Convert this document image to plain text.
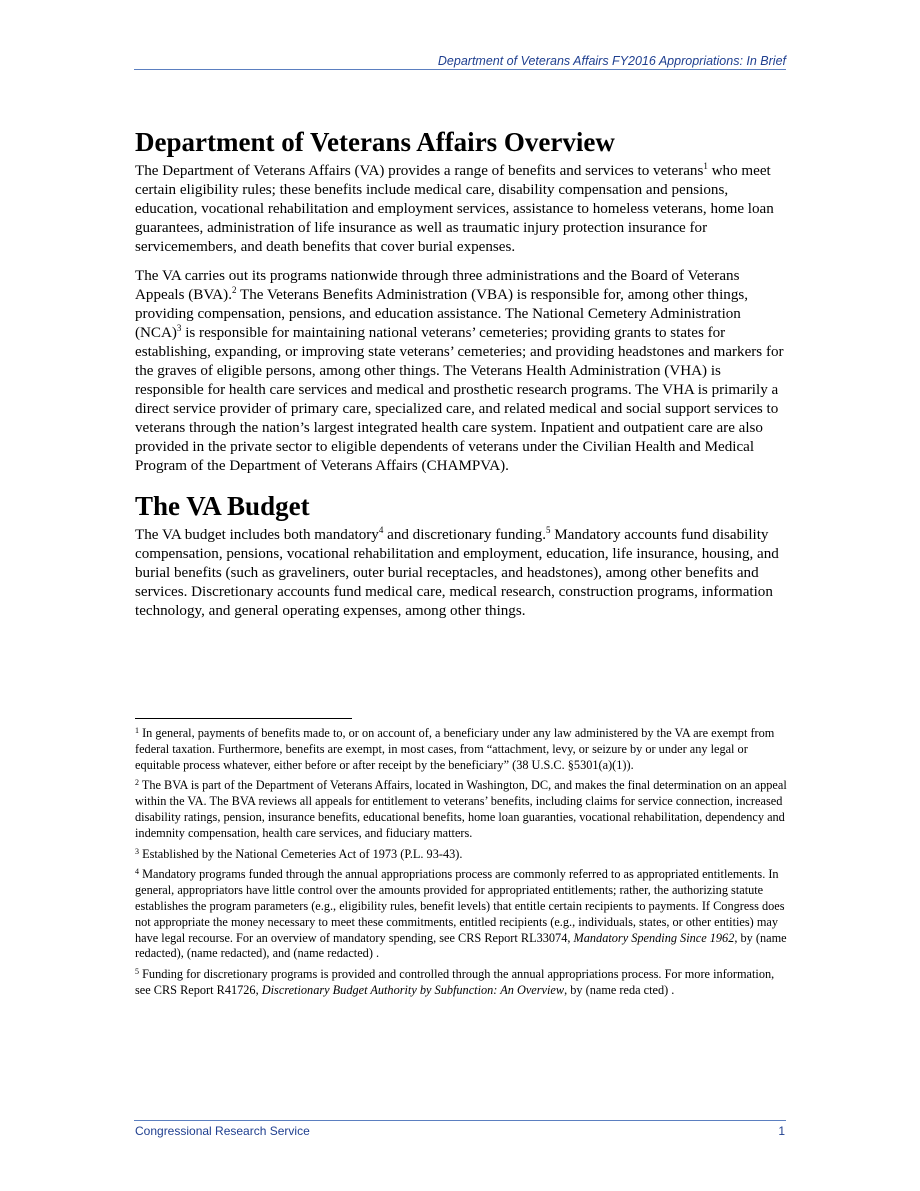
Department of Veterans Affairs FY2016 Appropriations: In Brief
Department of Veterans Affairs Overview

The Department of Veterans Affairs (VA) provides a range of benefits and services to veterans$^1$ who meet certain eligibility rules; these benefits include medical care, disability compensation and pensions, education, vocational rehabilitation and employment services, assistance to homeless veterans, home loan guarantees, administration of life insurance as well as traumatic injury protection insurance for servicemembers, and death benefits that cover burial expenses.

The VA carries out its programs nationwide through three administrations and the Board of Veterans Appeals (BVA).$^2$ The Veterans Benefits Administration (VBA) is responsible for, among other things, providing compensation, pensions, and education assistance. The National Cemetery Administration (NCA)$^3$ is responsible for maintaining national veterans’ cemeteries; providing grants to states for establishing, expanding, or improving state veterans’ cemeteries; and providing headstones and markers for the graves of eligible persons, among other things. The Veterans Health Administration (VHA) is responsible for health care services and medical and prosthetic research programs. The VHA is primarily a direct service provider of primary care, specialized care, and related medical and social support services to veterans through the nation’s largest integrated health care system. Inpatient and outpatient care are also provided in the private sector to eligible dependents of veterans under the Civilian Health and Medical Program of the Department of Veterans Affairs (CHAMPVA).

The VA Budget

The VA budget includes both mandatory$^4$ and discretionary funding.$^5$ Mandatory accounts fund disability compensation, pensions, vocational rehabilitation and employment, education, life insurance, housing, and burial benefits (such as graveliners, outer burial receptacles, and headstones), among other benefits and services. Discretionary accounts fund medical care, medical research, construction programs, information technology, and general operating expenses, among other things.

$^1$ In general, payments of benefits made to, or on account of, a beneficiary under any law administered by the VA are exempt from federal taxation. Furthermore, benefits are exempt, in most cases, from “attachment, levy, or seizure by or under any legal or equitable process whatever, either before or after receipt by the beneficiary” (38 U.S.C. §5301(a)(1)).

$^2$ The BVA is part of the Department of Veterans Affairs, located in Washington, DC, and makes the final determination on an appeal within the VA. The BVA reviews all appeals for entitlement to veterans’ benefits, including claims for service connection, increased disability ratings, pension, insurance benefits, educational benefits, home loan guaranties, vocational rehabilitation, dependency and indemnity compensation, health care services, and fiduciary matters.

$^3$ Established by the National Cemeteries Act of 1973 (P.L. 93-43).

$^4$ Mandatory programs funded through the annual appropriations process are commonly referred to as appropriated entitlements. In general, appropriators have little control over the amounts provided for appropriated entitlements; rather, the authorizing statute establishes the program parameters (e.g., eligibility rules, benefit levels) that entitle certain recipients to payments. If Congress does not appropriate the money necessary to meet these commitments, entitled recipients (e.g., individuals, states, or other entities) may have legal recourse. For an overview of mandatory spending, see CRS Report RL33074, Mandatory Spending Since 1962, by (name redacted), (name redacted), and (name redacted) .

$^5$ Funding for discretionary programs is provided and controlled through the annual appropriations process. For more information, see CRS Report R41726, Discretionary Budget Authority by Subfunction: An Overview, by (name reda cted) .

Congressional Research Service	1
